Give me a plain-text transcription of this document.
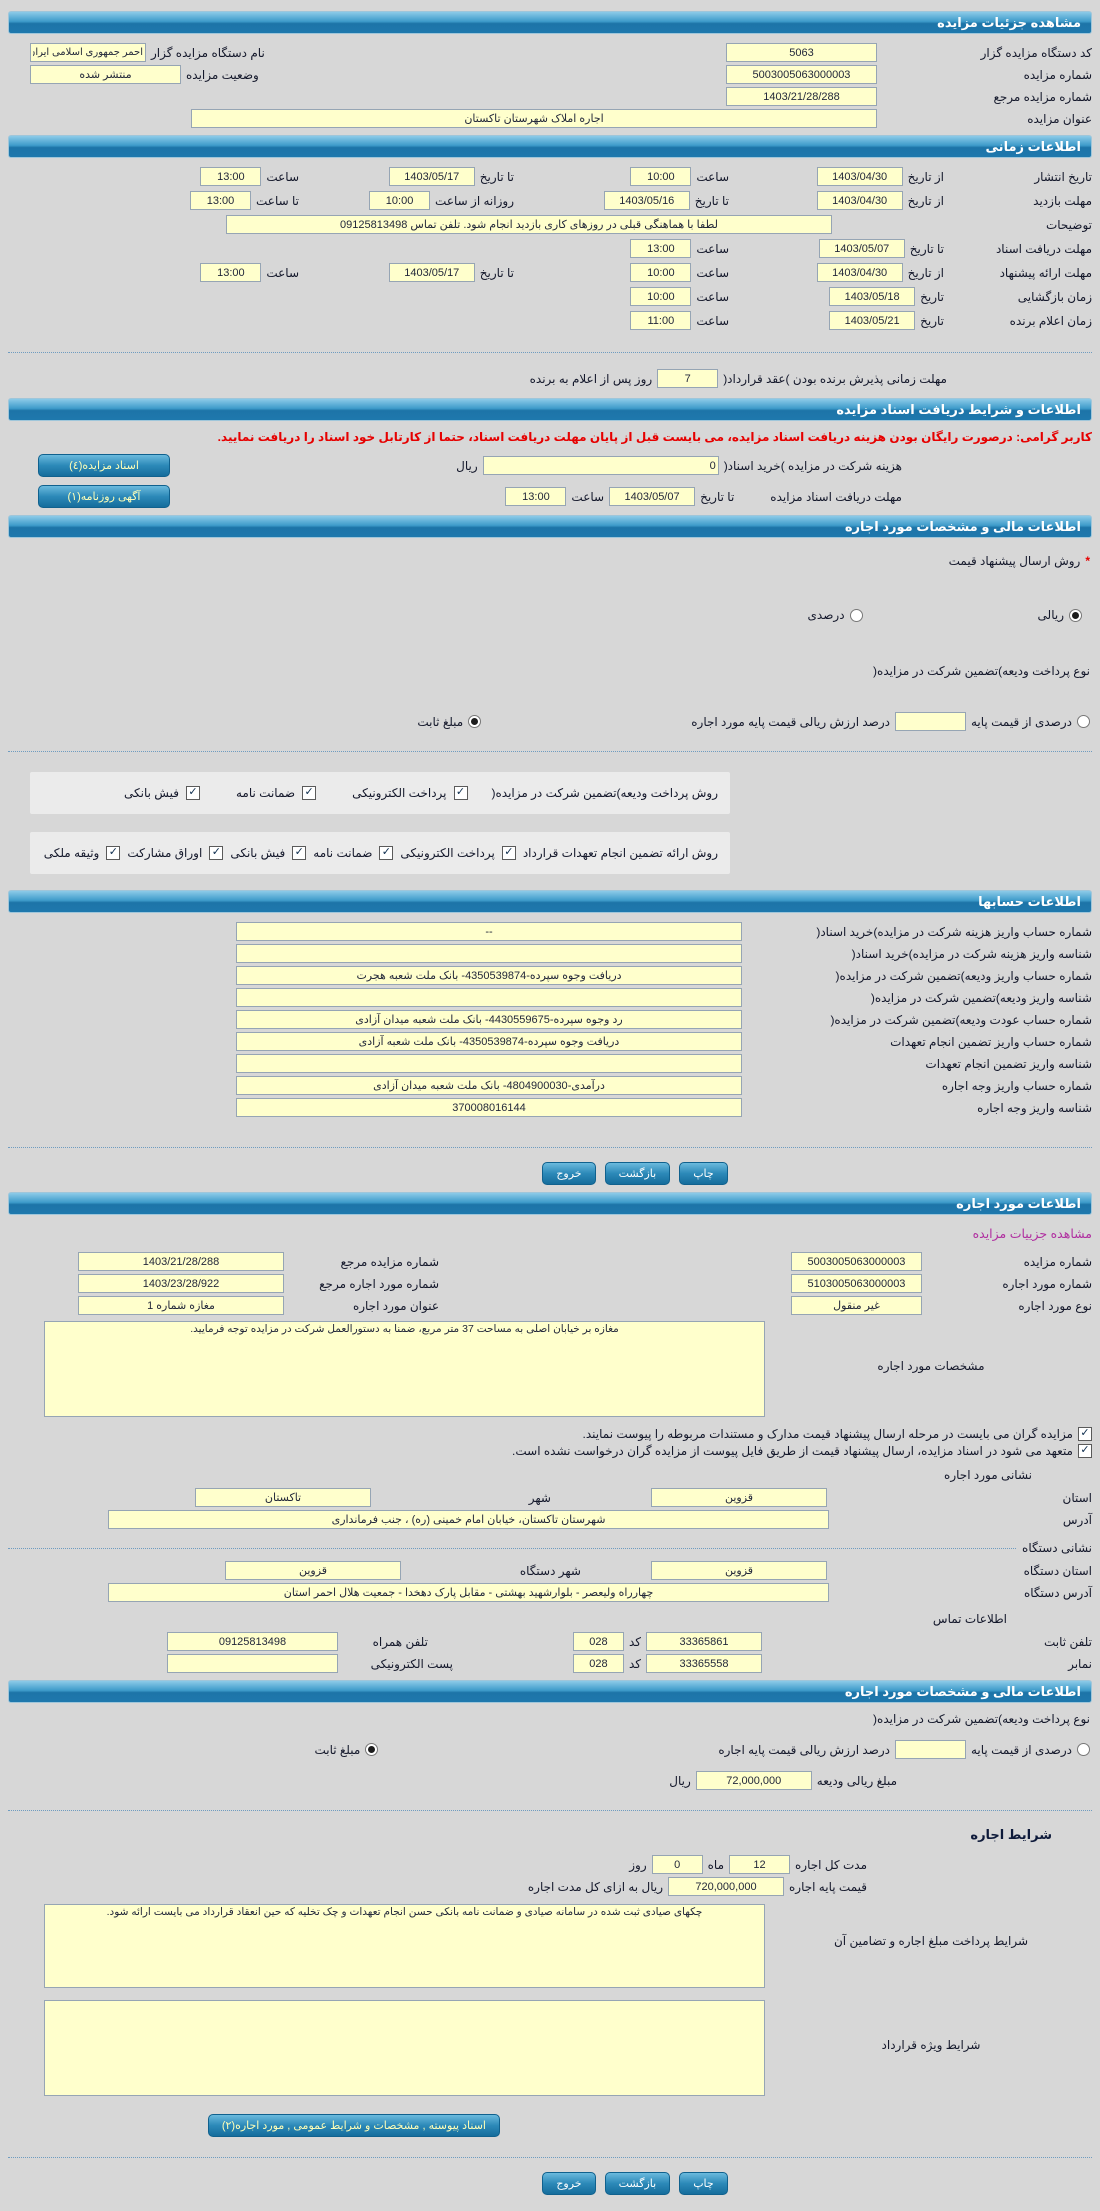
مشاهده جزئیات مزایده
کد دستگاه مزایده گزار
5063
نام دستگاه مزایده گزار
احمر جمهوری اسلامی ایران
شماره مزایده
5003005063000003
وضعیت مزایده
منتشر شده
شماره مزایده مرجع
1403/21/28/288
عنوان مزایده
اجاره املاک شهرستان تاکستان
اطلاعات زمانی
تاریخ انتشار
از تاریخ
1403/04/30
ساعت
10:00
تا تاریخ
1403/05/17
ساعت
13:00
مهلت بازدید
از تاریخ
1403/04/30
تا تاریخ
1403/05/16
روزانه از ساعت
10:00
تا ساعت
13:00
توضیحات
لطفا با هماهنگی قبلی در روزهای کاری بازدید انجام شود. تلفن تماس 09125813498
مهلت دریافت اسناد
تا تاریخ
1403/05/07
ساعت
13:00
مهلت ارائه پیشنهاد
از تاریخ
1403/04/30
ساعت
10:00
تا تاریخ
1403/05/17
ساعت
13:00
زمان بازگشایی
تاریخ
1403/05/18
ساعت
10:00
زمان اعلام برنده
تاریخ
1403/05/21
ساعت
11:00
مهلت زمانی پذیرش برنده بودن )عقد قرارداد(
7
روز پس از اعلام به برنده
اطلاعات و شرایط دریافت اسناد مزایده
کاربر گرامی: درصورت رایگان بودن هزینه دریافت اسناد مزایده، می بایست قبل از پایان مهلت دریافت اسناد، حتما از کارتابل خود اسناد را دریافت نمایید.
هزینه شرکت در مزایده )خرید اسناد(
0
ریال
اسناد مزایده(٤)
مهلت دریافت اسناد مزایده
تا تاریخ
1403/05/07
ساعت
13:00
آگهی روزنامه(١)
اطلاعات مالی و مشخصات مورد اجاره
*
روش ارسال پیشنهاد قیمت
ریالی
درصدی
نوع پرداخت ودیعه)تضمین شرکت در مزایده(
درصدی از قیمت پایه
درصد ارزش ریالی قیمت پایه مورد اجاره
مبلغ ثابت
روش پرداخت ودیعه)تضمین شرکت در مزایده(
✓
پرداخت الکترونیکی
✓
ضمانت نامه
✓
فیش بانکی
روش ارائه تضمین انجام تعهدات قرارداد
✓
پرداخت الکترونیکی
✓
ضمانت نامه
✓
فیش بانکی
✓
اوراق مشارکت
✓
وثیقه ملکی
اطلاعات حسابها
شماره حساب واریز هزینه شرکت در مزایده)خرید اسناد(
--
شناسه واریز هزینه شرکت در مزایده)خرید اسناد(
شماره حساب واریز ودیعه)تضمین شرکت در مزایده(
دریافت وجوه سپرده-4350539874- بانک ملت شعبه هجرت
شناسه واریز ودیعه)تضمین شرکت در مزایده(
شماره حساب عودت ودیعه)تضمین شرکت در مزایده(
رد وجوه سپرده-4430559675- بانک ملت شعبه میدان آزادی
شماره حساب واریز تضمین انجام تعهدات
دریافت وجوه سپرده-4350539874- بانک ملت شعبه آزادی
شناسه واریز تضمین انجام تعهدات
شماره حساب واریز وجه اجاره
درآمدی-4804900030- بانک ملت شعبه میدان آزادی
شناسه واریز وجه اجاره
370008016144
چاپ
بازگشت
خروج
اطلاعات مورد اجاره
مشاهده جزییات مزایده
شماره مزایده
5003005063000003
شماره مزایده مرجع
1403/21/28/288
شماره مورد اجاره
5103005063000003
شماره مورد اجاره مرجع
1403/23/28/922
نوع مورد اجاره
غیر منقول
عنوان مورد اجاره
مغازه شماره 1
مشخصات مورد اجاره
مغازه بر خیابان اصلی به مساحت 37 متر مربع، ضمنا به دستورالعمل شرکت در مزایده توجه فرمایید.
✓
مزایده گران می بایست در مرحله ارسال پیشنهاد قیمت مدارک و مستندات مربوطه را پیوست نمایند.
✓
متعهد می شود در اسناد مزایده، ارسال پیشنهاد قیمت از طریق فایل پیوست از مزایده گران درخواست نشده است.
نشانی مورد اجاره
استان
قزوین
شهر
تاکستان
آدرس
شهرستان تاکستان، خیابان امام خمینی (ره) ، جنب فرمانداری
نشانی دستگاه
استان دستگاه
قزوین
شهر دستگاه
قزوین
آدرس دستگاه
چهارراه ولیعصر - بلوارشهید بهشتی - مقابل پارک دهخدا - جمعیت هلال احمر استان
اطلاعات تماس
تلفن ثابت
33365861
کد
028
تلفن همراه
09125813498
نمابر
33365558
کد
028
پست الکترونیکی
اطلاعات مالی و مشخصات مورد اجاره
نوع پرداخت ودیعه)تضمین شرکت در مزایده(
درصدی از قیمت پایه
درصد ارزش ریالی قیمت پایه اجاره
مبلغ ثابت
مبلغ ریالی ودیعه
72,000,000
ریال
شرایط اجاره
مدت کل اجاره
12
ماه
0
روز
قیمت پایه اجاره
720,000,000
ریال به ازای کل مدت اجاره
شرایط پرداخت مبلغ اجاره و تضامین آن
چکهای صیادی ثبت شده در سامانه صیادی و ضمانت نامه بانکی حسن انجام تعهدات و چک تخلیه که حین انعقاد قرارداد می بایست ارائه شود.
شرایط ویژه قرارداد
اسناد پیوسته , مشخصات و شرایط عمومی , مورد اجاره(٢)
چاپ
بازگشت
خروج
